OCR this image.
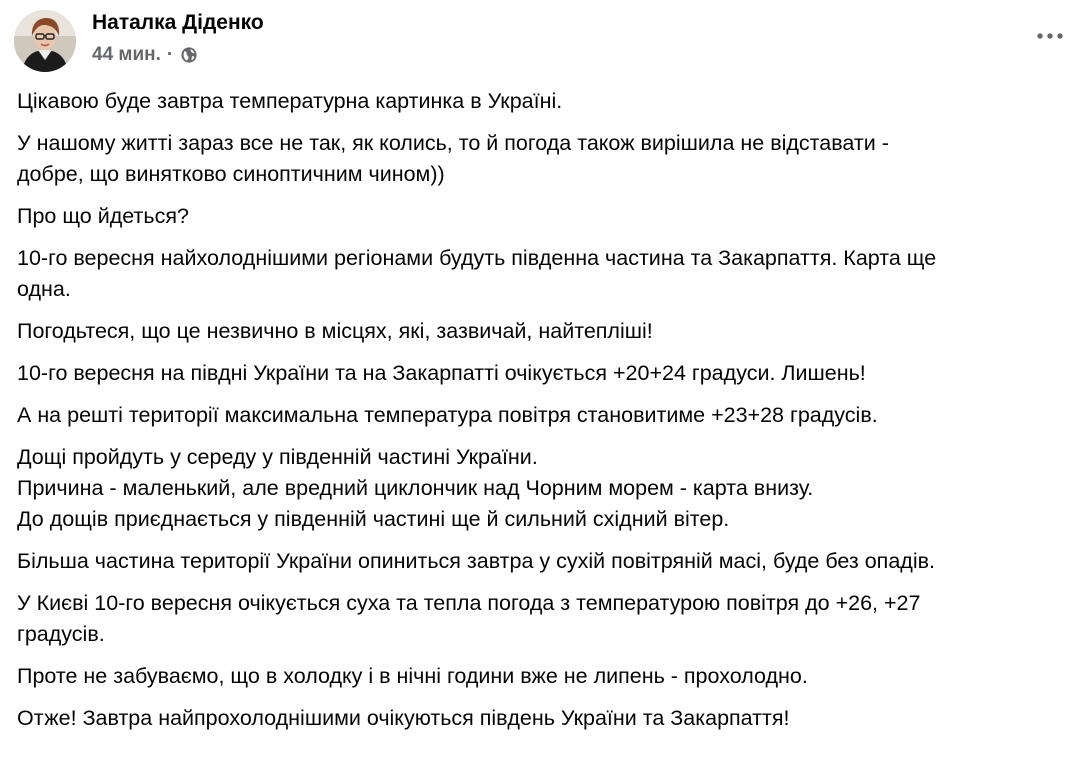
Наталка Діденко
44 мин. ·

Цікавою буде завтра температурна картинка в Україні.

У нашому житті зараз все не так, як колись, то й погода також вирішила не відставати -
добре, що винятково синоптичним чином))

Про що йдеться?

10-го вересня найхолоднішими регіонами будуть південна частина та Закарпаття. Карта ще
одна.

Погодьтеся, що це незвично в місцях, які, зазвичай, найтепліші!

10-го вересня на півдні України та на Закарпатті очікується +20+24 градуси. Лишень!

А на решті території максимальна температура повітря становитиме +23+28 градусів.

Дощі пройдуть у середу у південній частині України.
Причина - маленький, але вредний циклончик над Чорним морем - карта внизу.
До дощів приєднається у південній частині ще й сильний східний вітер.

Більша частина території України опиниться завтра у сухій повітряній масі, буде без опадів.

У Києві 10-го вересня очікується суха та тепла погода з температурою повітря до +26, +27
градусів.

Проте не забуваємо, що в холодку і в нічні години вже не липень - прохолодно.

Отже! Завтра найпрохолоднішими очікуються південь України та Закарпаття!
